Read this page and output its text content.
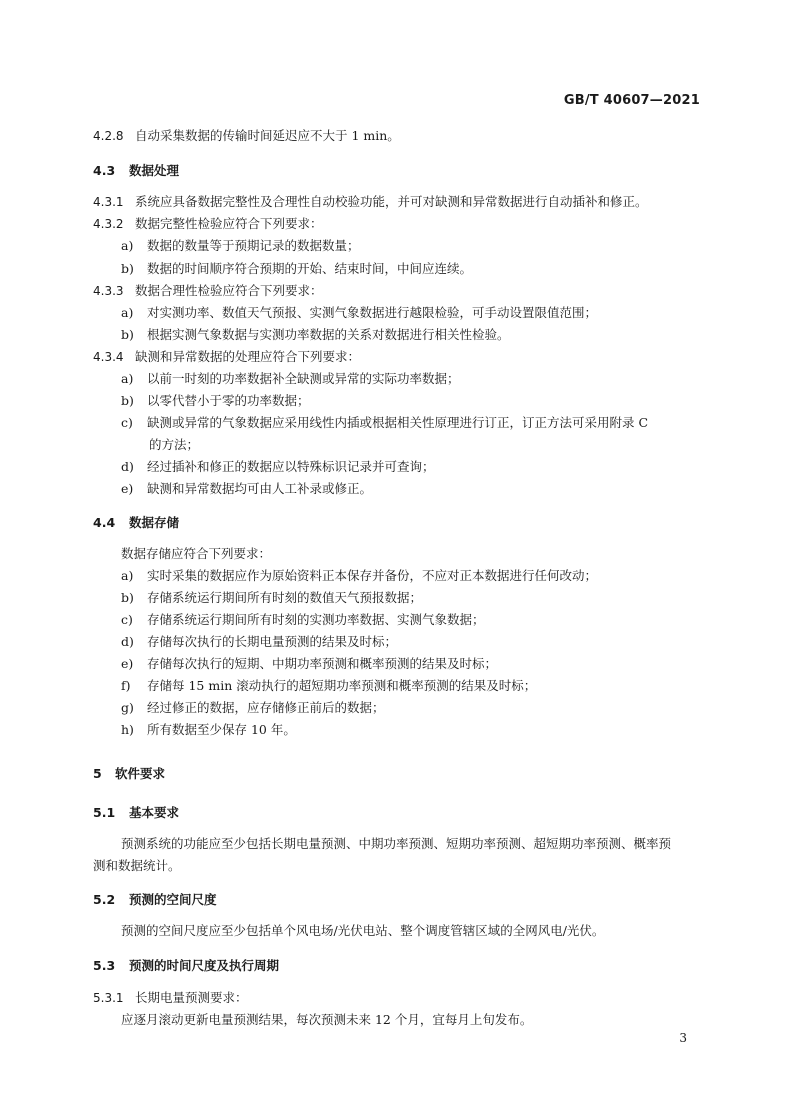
GB/T 40607—2021
4.2.8 自动采集数据的传输时间延迟应不大于 1 min。
4.3 数据处理
4.3.1 系统应具备数据完整性及合理性自动校验功能，并可对缺测和异常数据进行自动插补和修正。
4.3.2 数据完整性检验应符合下列要求：
a) 数据的数量等于预期记录的数据数量；
b) 数据的时间顺序符合预期的开始、结束时间，中间应连续。
4.3.3 数据合理性检验应符合下列要求：
a) 对实测功率、数值天气预报、实测气象数据进行越限检验，可手动设置限值范围；
b) 根据实测气象数据与实测功率数据的关系对数据进行相关性检验。
4.3.4 缺测和异常数据的处理应符合下列要求：
a) 以前一时刻的功率数据补全缺测或异常的实际功率数据；
b) 以零代替小于零的功率数据；
c) 缺测或异常的气象数据应采用线性内插或根据相关性原理进行订正，订正方法可采用附录 C
的方法；
d) 经过插补和修正的数据应以特殊标识记录并可查询；
e) 缺测和异常数据均可由人工补录或修正。
4.4 数据存储
数据存储应符合下列要求：
a) 实时采集的数据应作为原始资料正本保存并备份，不应对正本数据进行任何改动；
b) 存储系统运行期间所有时刻的数值天气预报数据；
c) 存储系统运行期间所有时刻的实测功率数据、实测气象数据；
d) 存储每次执行的长期电量预测的结果及时标；
e) 存储每次执行的短期、中期功率预测和概率预测的结果及时标；
f) 存储每 15 min 滚动执行的超短期功率预测和概率预测的结果及时标；
g) 经过修正的数据，应存储修正前后的数据；
h) 所有数据至少保存 10 年。
5 软件要求
5.1 基本要求
预测系统的功能应至少包括长期电量预测、中期功率预测、短期功率预测、超短期功率预测、概率预
测和数据统计。
5.2 预测的空间尺度
预测的空间尺度应至少包括单个风电场/光伏电站、整个调度管辖区域的全网风电/光伏。
5.3 预测的时间尺度及执行周期
5.3.1 长期电量预测要求：
应逐月滚动更新电量预测结果，每次预测未来 12 个月，宜每月上旬发布。
3
